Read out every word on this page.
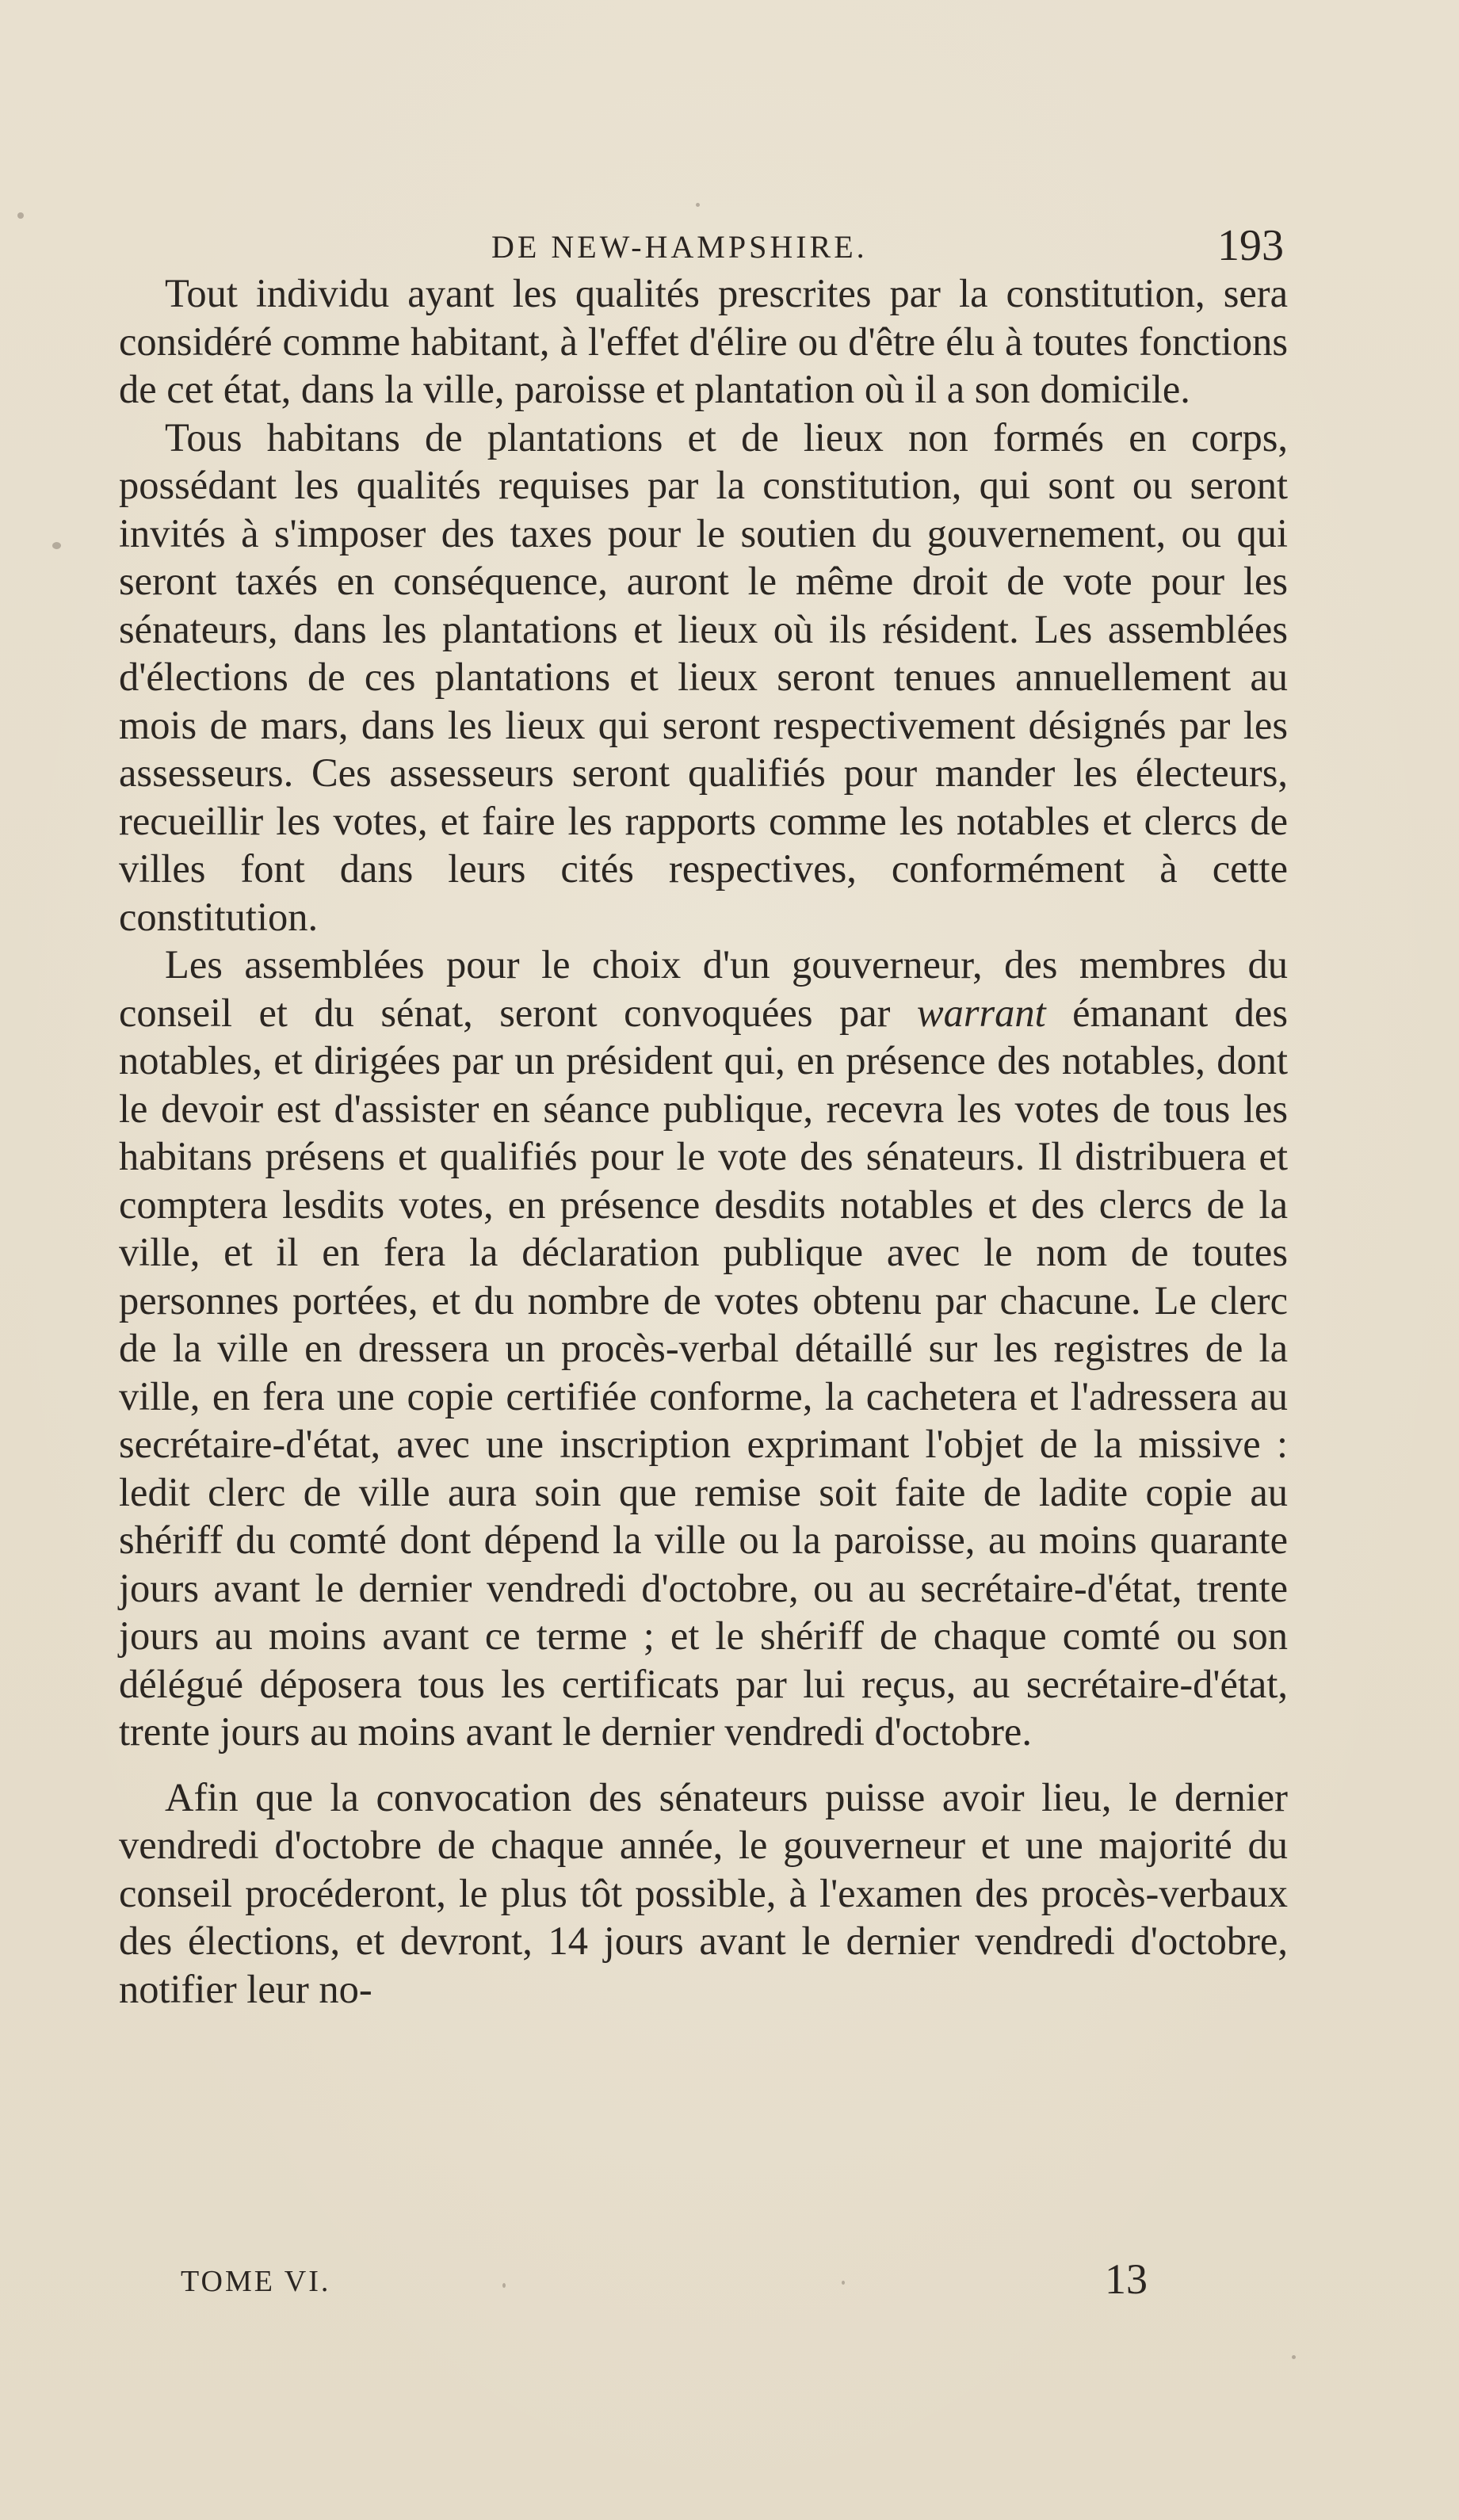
DE NEW-HAMPSHIRE.	193

Tout individu ayant les qualités prescrites par la constitution, sera considéré comme habitant, à l'effet d'élire ou d'être élu à toutes fonctions de cet état, dans la ville, paroisse et plantation où il a son domicile.

Tous habitans de plantations et de lieux non formés en corps, possédant les qualités requises par la constitution, qui sont ou seront invités à s'imposer des taxes pour le soutien du gouvernement, ou qui seront taxés en conséquence, auront le même droit de vote pour les sénateurs, dans les plantations et lieux où ils résident. Les assemblées d'élections de ces plantations et lieux seront tenues annuellement au mois de mars, dans les lieux qui seront respectivement désignés par les assesseurs. Ces assesseurs seront qualifiés pour mander les électeurs, recueillir les votes, et faire les rapports comme les notables et clercs de villes font dans leurs cités respectives, conformément à cette constitution.

Les assemblées pour le choix d'un gouverneur, des membres du conseil et du sénat, seront convoquées par warrant émanant des notables, et dirigées par un président qui, en présence des notables, dont le devoir est d'assister en séance publique, recevra les votes de tous les habitans présens et qualifiés pour le vote des sénateurs. Il distribuera et comptera lesdits votes, en présence desdits notables et des clercs de la ville, et il en fera la déclaration publique avec le nom de toutes personnes portées, et du nombre de votes obtenu par chacune. Le clerc de la ville en dressera un procès-verbal détaillé sur les registres de la ville, en fera une copie certifiée conforme, la cachetera et l'adressera au secrétaire-d'état, avec une inscription exprimant l'objet de la missive : ledit clerc de ville aura soin que remise soit faite de ladite copie au shériff du comté dont dépend la ville ou la paroisse, au moins quarante jours avant le dernier vendredi d'octobre, ou au secrétaire-d'état, trente jours au moins avant ce terme ; et le shériff de chaque comté ou son délégué déposera tous les certificats par lui reçus, au secrétaire-d'état, trente jours au moins avant le dernier vendredi d'octobre.

Afin que la convocation des sénateurs puisse avoir lieu, le dernier vendredi d'octobre de chaque année, le gouverneur et une majorité du conseil procéderont, le plus tôt possible, à l'examen des procès-verbaux des élections, et devront, 14 jours avant le dernier vendredi d'octobre, notifier leur no-

TOME VI.	13
